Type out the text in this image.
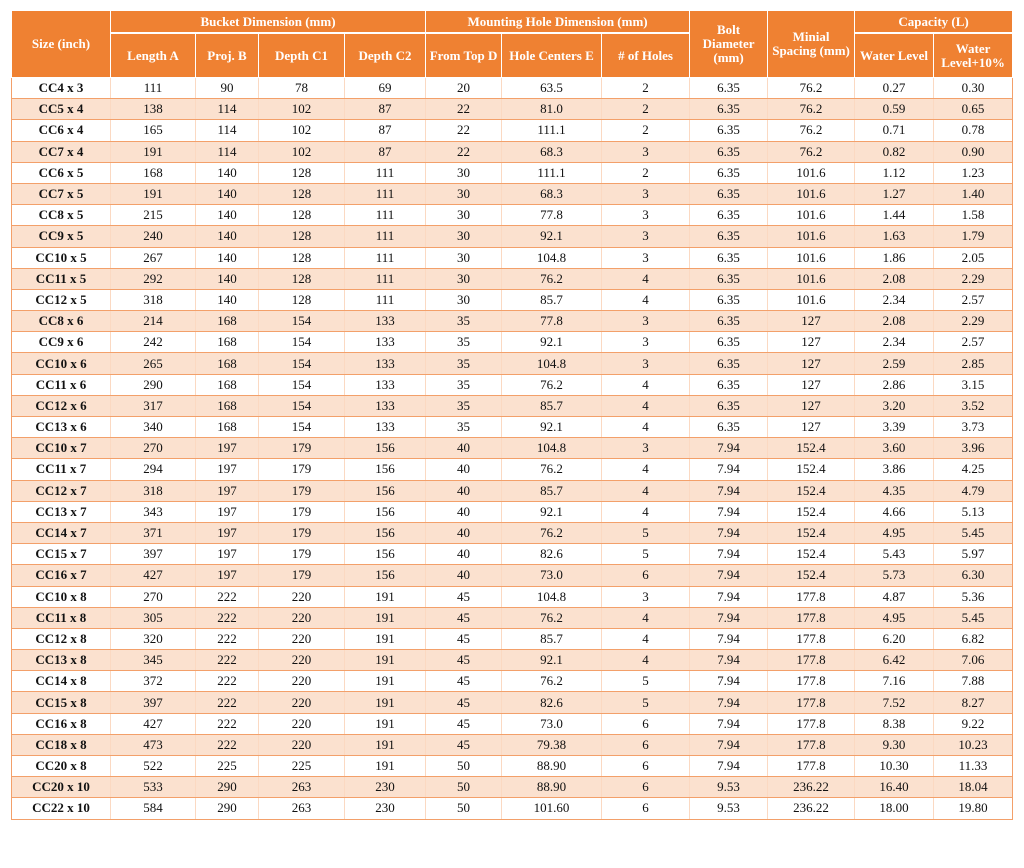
Size (inch)	Bucket Dimension (mm)				Mounting Hole Dimension (mm)			Bolt Diameter (mm)	Minial Spacing (mm)	Capacity (L)	
	Length A	Proj. B	Depth C1	Depth C2	From Top D	Hole Centers E	# of Holes			Water Level	Water Level+10%
CC4 x 3	111	90	78	69	20	63.5	2	6.35	76.2	0.27	0.30
CC5 x 4	138	114	102	87	22	81.0	2	6.35	76.2	0.59	0.65
CC6 x 4	165	114	102	87	22	111.1	2	6.35	76.2	0.71	0.78
CC7 x 4	191	114	102	87	22	68.3	3	6.35	76.2	0.82	0.90
CC6 x 5	168	140	128	111	30	111.1	2	6.35	101.6	1.12	1.23
CC7 x 5	191	140	128	111	30	68.3	3	6.35	101.6	1.27	1.40
CC8 x 5	215	140	128	111	30	77.8	3	6.35	101.6	1.44	1.58
CC9 x 5	240	140	128	111	30	92.1	3	6.35	101.6	1.63	1.79
CC10 x 5	267	140	128	111	30	104.8	3	6.35	101.6	1.86	2.05
CC11 x 5	292	140	128	111	30	76.2	4	6.35	101.6	2.08	2.29
CC12 x 5	318	140	128	111	30	85.7	4	6.35	101.6	2.34	2.57
CC8 x 6	214	168	154	133	35	77.8	3	6.35	127	2.08	2.29
CC9 x 6	242	168	154	133	35	92.1	3	6.35	127	2.34	2.57
CC10 x 6	265	168	154	133	35	104.8	3	6.35	127	2.59	2.85
CC11 x 6	290	168	154	133	35	76.2	4	6.35	127	2.86	3.15
CC12 x 6	317	168	154	133	35	85.7	4	6.35	127	3.20	3.52
CC13 x 6	340	168	154	133	35	92.1	4	6.35	127	3.39	3.73
CC10 x 7	270	197	179	156	40	104.8	3	7.94	152.4	3.60	3.96
CC11 x 7	294	197	179	156	40	76.2	4	7.94	152.4	3.86	4.25
CC12 x 7	318	197	179	156	40	85.7	4	7.94	152.4	4.35	4.79
CC13 x 7	343	197	179	156	40	92.1	4	7.94	152.4	4.66	5.13
CC14 x 7	371	197	179	156	40	76.2	5	7.94	152.4	4.95	5.45
CC15 x 7	397	197	179	156	40	82.6	5	7.94	152.4	5.43	5.97
CC16 x 7	427	197	179	156	40	73.0	6	7.94	152.4	5.73	6.30
CC10 x 8	270	222	220	191	45	104.8	3	7.94	177.8	4.87	5.36
CC11 x 8	305	222	220	191	45	76.2	4	7.94	177.8	4.95	5.45
CC12 x 8	320	222	220	191	45	85.7	4	7.94	177.8	6.20	6.82
CC13 x 8	345	222	220	191	45	92.1	4	7.94	177.8	6.42	7.06
CC14 x 8	372	222	220	191	45	76.2	5	7.94	177.8	7.16	7.88
CC15 x 8	397	222	220	191	45	82.6	5	7.94	177.8	7.52	8.27
CC16 x 8	427	222	220	191	45	73.0	6	7.94	177.8	8.38	9.22
CC18 x 8	473	222	220	191	45	79.38	6	7.94	177.8	9.30	10.23
CC20 x 8	522	225	225	191	50	88.90	6	7.94	177.8	10.30	11.33
CC20 x 10	533	290	263	230	50	88.90	6	9.53	236.22	16.40	18.04
CC22 x 10	584	290	263	230	50	101.60	6	9.53	236.22	18.00	19.80
